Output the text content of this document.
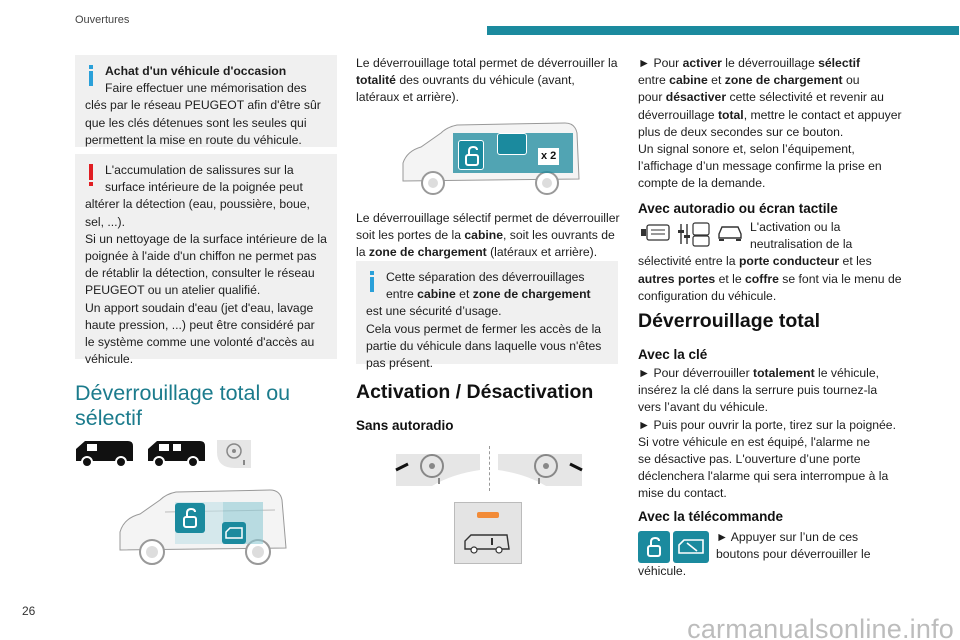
Ouvertures

Achat d'un véhicule d'occasion

Faire effectuer une mémorisation des

clés par le réseau PEUGEOT afin d'être sûr que les clés détenues sont les seules qui permettent la mise en route du véhicule.

L'accumulation de salissures sur la

surface intérieure de la poignée peut

altérer la détection (eau, poussière, boue, sel, ...).

Si un nettoyage de la surface intérieure de la poignée à l'aide d'un chiffon ne permet pas de rétablir la détection, consulter le réseau PEUGEOT ou un atelier qualifié.

Un apport soudain d'eau (jet d'eau, lavage haute pression, ...) peut être considéré par le système comme une volonté d'accès au véhicule.

Déverrouillage total ou sélectif

Le déverrouillage total permet de déverrouiller la totalité des ouvrants du véhicule (avant, latéraux et arrière).

x 2

Le déverrouillage sélectif permet de déverrouiller soit les portes de la cabine, soit les ouvrants de la zone de chargement (latéraux et arrière).

Cette séparation des déverrouillages

entre cabine et zone de chargement

est une sécurité d’usage.

Cela vous permet de fermer les accès de la partie du véhicule dans laquelle vous n'êtes pas présent.

Activation / Désactivation
Sans autoradio

► Pour activer le déverrouillage sélectif

entre cabine et zone de chargement ou

pour désactiver cette sélectivité et revenir au

déverrouillage total, mettre le contact et appuyer

plus de deux secondes sur ce bouton.

Un signal sonore et, selon l’équipement,

l’affichage d’un message confirme la prise en

compte de la demande.

Avec autoradio ou écran tactile

L'activation ou la

neutralisation de la

sélectivité entre la porte conducteur et les

autres portes et le coffre se font via le menu de

configuration du véhicule.

Déverrouillage total
Avec la clé

► Pour déverrouiller totalement le véhicule,

insérez la clé dans la serrure puis tournez-la

vers l’avant du véhicule.

► Puis pour ouvrir la porte, tirez sur la poignée.

Si votre véhicule en est équipé, l'alarme ne

se désactive pas. L'ouverture d’une porte

déclenchera l'alarme qui sera interrompue à la

mise du contact.

Avec la télécommande

► Appuyer sur l’un de ces

boutons pour déverrouiller le

véhicule.

26
carmanualsonline.info
